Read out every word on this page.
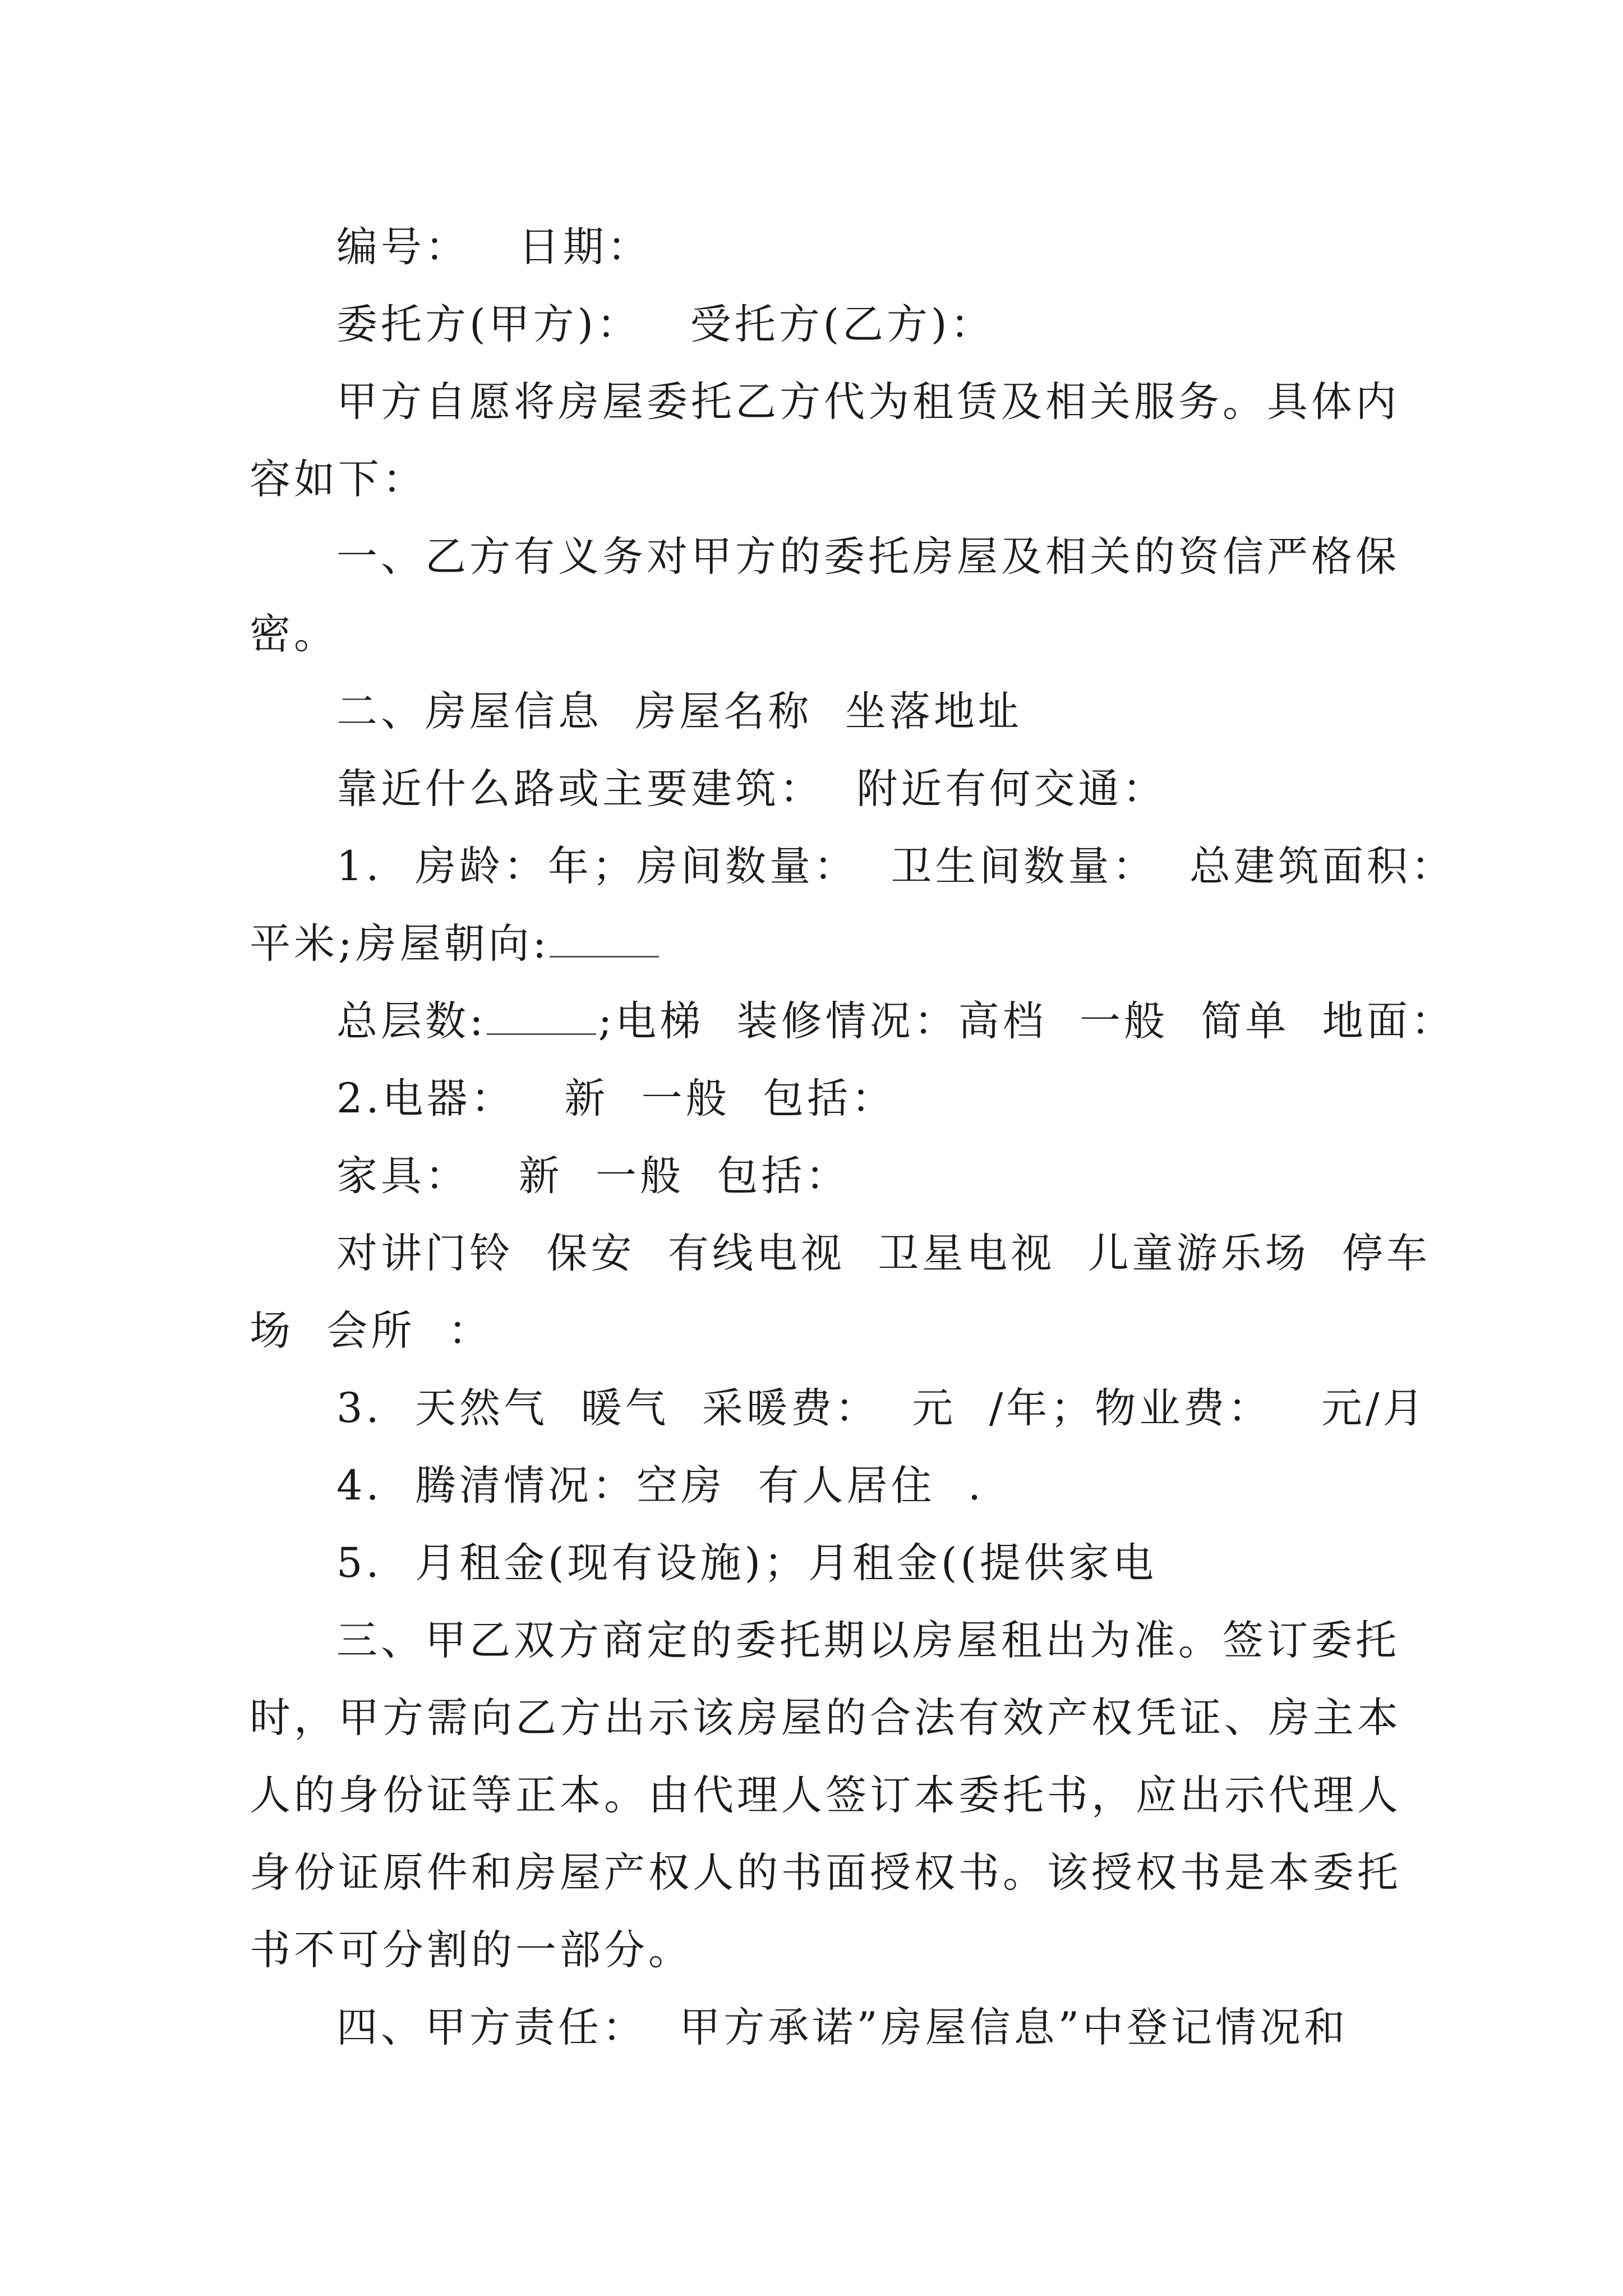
编号：   日期：
委托方(甲方)：   受托方(乙方)：
甲方自愿将房屋委托乙方代为租赁及相关服务。具体内
容如下：
一、乙方有义务对甲方的委托房屋及相关的资信严格保
密。
二、房屋信息  房屋名称  坐落地址
靠近什么路或主要建筑：  附近有何交通：
1.  房龄：年；房间数量：  卫生间数量：  总建筑面积：
平米;房屋朝向:
总层数:	;电梯  装修情况：高档  一般  简单  地面：
2.电器：   新  一般  包括：
家具：   新  一般  包括：
对讲门铃  保安  有线电视  卫星电视  儿童游乐场  停车
场  会所  ：
3.  天然气  暖气  采暖费：  元  /年；物业费：   元/月
4.  腾清情况：空房  有人居住  .
5.  月租金(现有设施)；月租金((提供家电
三、甲乙双方商定的委托期以房屋租出为准。签订委托
时，甲方需向乙方出示该房屋的合法有效产权凭证、房主本
人的身份证等正本。由代理人签订本委托书，应出示代理人
身份证原件和房屋产权人的书面授权书。该授权书是本委托
书不可分割的一部分。
四、甲方责任：  甲方承诺”房屋信息”中登记情况和
